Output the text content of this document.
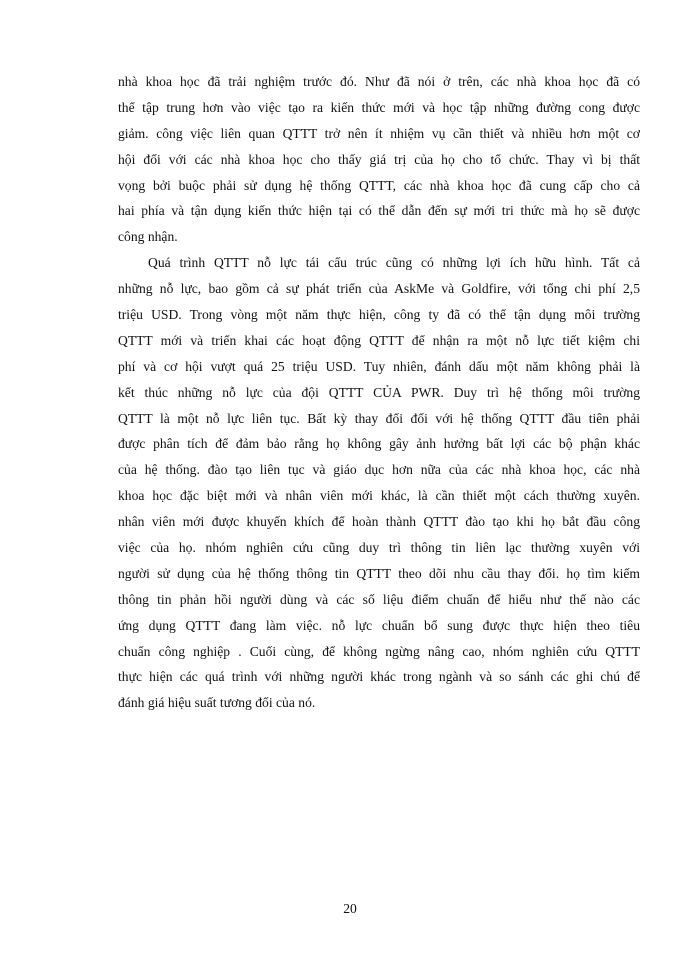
nhà khoa học đã trải nghiệm trước đó. Như đã nói ở trên, các nhà khoa học đã có
thể tập trung hơn vào việc tạo ra kiến thức mới và học tập những đường cong được
giảm. công việc liên quan QTTT trở nên ít nhiệm vụ cần thiết và nhiều hơn một cơ
hội đối với các nhà khoa học cho thấy giá trị của họ cho tổ chức. Thay vì bị thất
vọng bởi buộc phải sử dụng hệ thống QTTT, các nhà khoa học đã cung cấp cho cả
hai phía và tận dụng kiến thức hiện tại có thể dẫn đến sự mới tri thức mà họ sẽ được
công nhận.
Quá trình QTTT nỗ lực tái cấu trúc cũng có những lợi ích hữu hình. Tất cả
những nỗ lực, bao gồm cả sự phát triển của AskMe và Goldfire, với tổng chi phí 2,5
triệu USD. Trong vòng một năm thực hiện, công ty đã có thể tận dụng môi trường
QTTT mới và triển khai các hoạt động QTTT để nhận ra một nỗ lực tiết kiệm chi
phí và cơ hội vượt quá 25 triệu USD. Tuy nhiên, đánh dấu một năm không phải là
kết thúc những nỗ lực của đội QTTT CỦA PWR. Duy trì hệ thống môi trường
QTTT là một nỗ lực liên tục. Bất kỳ thay đổi đối với hệ thống QTTT đầu tiên phải
được phân tích để đảm bảo rằng họ không gây ảnh hưởng bất lợi các bộ phận khác
của hệ thống. đào tạo liên tục và giáo dục hơn nữa của các nhà khoa học, các nhà
khoa học đặc biệt mới và nhân viên mới khác, là cần thiết một cách thường xuyên.
nhân viên mới được khuyến khích để hoàn thành QTTT đào tạo khi họ bắt đầu công
việc của họ. nhóm nghiên cứu cũng duy trì thông tin liên lạc thường xuyên với
người sử dụng của hệ thống thông tin QTTT theo dõi nhu cầu thay đổi. họ tìm kiếm
thông tin phản hồi người dùng và các số liệu điểm chuẩn để hiểu như thế nào các
ứng dụng QTTT đang làm việc. nỗ lực chuẩn bổ sung được thực hiện theo tiêu
chuẩn công nghiệp . Cuối cùng, để không ngừng nâng cao, nhóm nghiên cứu QTTT
thực hiện các quá trình với những người khác trong ngành và so sánh các ghi chú để
đánh giá hiệu suất tương đối của nó.
20
